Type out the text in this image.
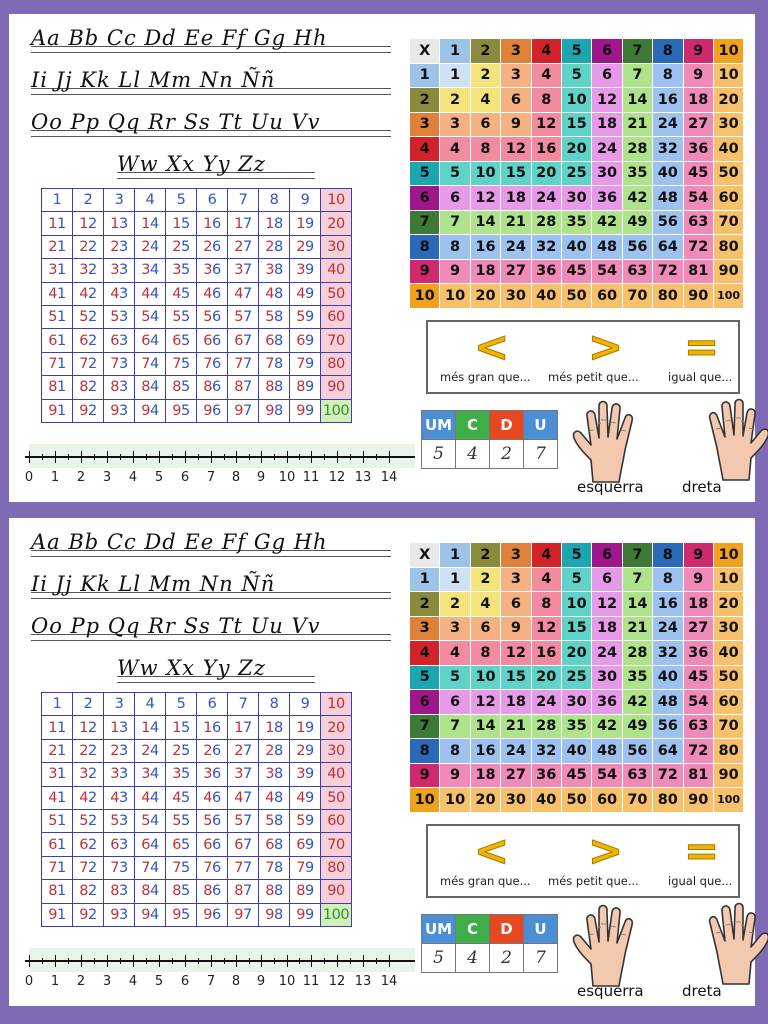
Aa Bb Cc Dd Ee Ff Gg Hh
Ii Jj Kk Ll Mm Nn Ññ
Oo Pp Qq Rr Ss Tt Uu Vv
Ww Xx Yy Zz
1	2	3	4	5	6	7	8	9	10
11	12	13	14	15	16	17	18	19	20
21	22	23	24	25	26	27	28	29	30
31	32	33	34	35	36	37	38	39	40
41	42	43	44	45	46	47	48	49	50
51	52	53	54	55	56	57	58	59	60
61	62	63	64	65	66	67	68	69	70
71	72	73	74	75	76	77	78	79	80
81	82	83	84	85	86	87	88	89	90
91	92	93	94	95	96	97	98	99	100
0 1 2 3 4 5 6 7 8 9 10 11 12 13 14
X	1	2	3	4	5	6	7	8	9	10
1	1	2	3	4	5	6	7	8	9	10
2	2	4	6	8	10	12	14	16	18	20
3	3	6	9	12	15	18	21	24	27	30
4	4	8	12	16	20	24	28	32	36	40
5	5	10	15	20	25	30	35	40	45	50
6	6	12	18	24	30	36	42	48	54	60
7	7	14	21	28	35	42	49	56	63	70
8	8	16	24	32	40	48	56	64	72	80
9	9	18	27	36	45	54	63	72	81	90
10	10	20	30	40	50	60	70	80	90	100
< > =
més gran que... més petit que...	igual que...
UM	C	D	U
5	4	2	7
esquerra	dreta
Aa Bb Cc Dd Ee Ff Gg Hh
Ii Jj Kk Ll Mm Nn Ññ
Oo Pp Qq Rr Ss Tt Uu Vv
Ww Xx Yy Zz
1	2	3	4	5	6	7	8	9	10
11	12	13	14	15	16	17	18	19	20
21	22	23	24	25	26	27	28	29	30
31	32	33	34	35	36	37	38	39	40
41	42	43	44	45	46	47	48	49	50
51	52	53	54	55	56	57	58	59	60
61	62	63	64	65	66	67	68	69	70
71	72	73	74	75	76	77	78	79	80
81	82	83	84	85	86	87	88	89	90
91	92	93	94	95	96	97	98	99	100
0 1 2 3 4 5 6 7 8 9 10 11 12 13 14
X	1	2	3	4	5	6	7	8	9	10
1	1	2	3	4	5	6	7	8	9	10
2	2	4	6	8	10	12	14	16	18	20
3	3	6	9	12	15	18	21	24	27	30
4	4	8	12	16	20	24	28	32	36	40
5	5	10	15	20	25	30	35	40	45	50
6	6	12	18	24	30	36	42	48	54	60
7	7	14	21	28	35	42	49	56	63	70
8	8	16	24	32	40	48	56	64	72	80
9	9	18	27	36	45	54	63	72	81	90
10	10	20	30	40	50	60	70	80	90	100
< > =
més gran que... més petit que...	igual que...
UM	C	D	U
5	4	2	7
esquerra	dreta
